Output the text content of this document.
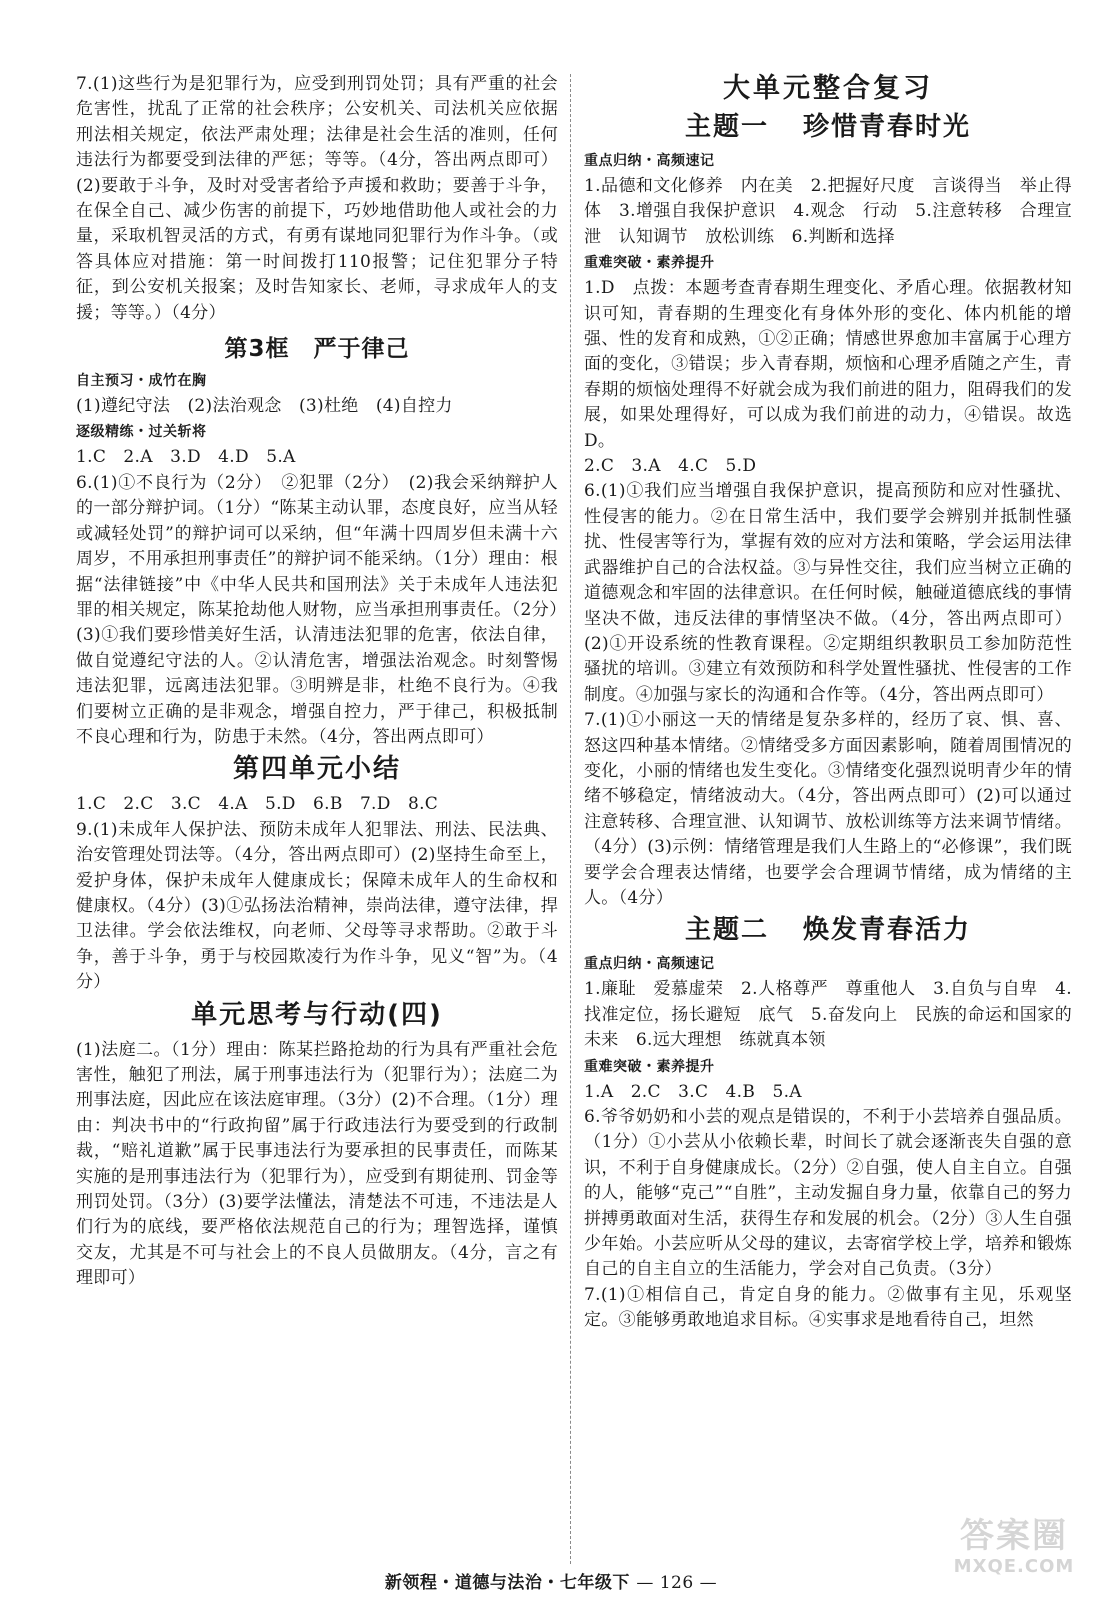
7.(1)这些行为是犯罪行为，应受到刑罚处罚；具有严重的社会危害性，扰乱了正常的社会秩序；公安机关、司法机关应依据刑法相关规定，依法严肃处理；法律是社会生活的准则，任何违法行为都要受到法律的严惩；等等。（4分，答出两点即可）(2)要敢于斗争，及时对受害者给予声援和救助；要善于斗争，在保全自己、减少伤害的前提下，巧妙地借助他人或社会的力量，采取机智灵活的方式，有勇有谋地同犯罪行为作斗争。（或答具体应对措施：第一时间拨打110报警；记住犯罪分子特征，到公安机关报案；及时告知家长、老师，寻求成年人的支援；等等。）（4分）

第3框　严于律己
自主预习・成竹在胸

(1)遵纪守法　(2)法治观念　(3)杜绝　(4)自控力

逐级精练・过关斩将

1.C　2.A　3.D　4.D　5.A

6.(1)①不良行为（2分）　②犯罪（2分）　(2)我会采纳辩护人的一部分辩护词。（1分）“陈某主动认罪，态度良好，应当从轻或减轻处罚”的辩护词可以采纳，但“年满十四周岁但未满十六周岁，不用承担刑事责任”的辩护词不能采纳。（1分）理由：根据“法律链接”中《中华人民共和国刑法》关于未成年人违法犯罪的相关规定，陈某抢劫他人财物，应当承担刑事责任。（2分）(3)①我们要珍惜美好生活，认清违法犯罪的危害，依法自律，做自觉遵纪守法的人。②认清危害，增强法治观念。时刻警惕违法犯罪，远离违法犯罪。③明辨是非，杜绝不良行为。④我们要树立正确的是非观念，增强自控力，严于律己，积极抵制不良心理和行为，防患于未然。（4分，答出两点即可）

第四单元小结

1.C　2.C　3.C　4.A　5.D　6.B　7.D　8.C

9.(1)未成年人保护法、预防未成年人犯罪法、刑法、民法典、治安管理处罚法等。（4分，答出两点即可）(2)坚持生命至上，爱护身体，保护未成年人健康成长；保障未成年人的生命权和健康权。（4分）(3)①弘扬法治精神，崇尚法律，遵守法律，捍卫法律。学会依法维权，向老师、父母等寻求帮助。②敢于斗争，善于斗争，勇于与校园欺凌行为作斗争，见义“智”为。（4分）

单元思考与行动(四)

(1)法庭二。（1分）理由：陈某拦路抢劫的行为具有严重社会危害性，触犯了刑法，属于刑事违法行为（犯罪行为）；法庭二为刑事法庭，因此应在该法庭审理。（3分）(2)不合理。（1分）理由：判决书中的“行政拘留”属于行政违法行为要受到的行政制裁，“赔礼道歉”属于民事违法行为要承担的民事责任，而陈某实施的是刑事违法行为（犯罪行为），应受到有期徒刑、罚金等刑罚处罚。（3分）(3)要学法懂法，清楚法不可违，不违法是人们行为的底线，要严格依法规范自己的行为；理智选择，谨慎交友，尤其是不可与社会上的不良人员做朋友。（4分，言之有理即可）

大单元整合复习
主题一 珍惜青春时光
重点归纳・高频速记

1.品德和文化修养　内在美　2.把握好尺度　言谈得当　举止得体　3.增强自我保护意识　4.观念　行动　5.注意转移　合理宣泄　认知调节　放松训练　6.判断和选择

重难突破・素养提升

1.D　点拨：本题考查青春期生理变化、矛盾心理。依据教材知识可知，青春期的生理变化有身体外形的变化、体内机能的增强、性的发育和成熟，①②正确；情感世界愈加丰富属于心理方面的变化，③错误；步入青春期，烦恼和心理矛盾随之产生，青春期的烦恼处理得不好就会成为我们前进的阻力，阻碍我们的发展，如果处理得好，可以成为我们前进的动力，④错误。故选D。

2.C　3.A　4.C　5.D

6.(1)①我们应当增强自我保护意识，提高预防和应对性骚扰、性侵害的能力。②在日常生活中，我们要学会辨别并抵制性骚扰、性侵害等行为，掌握有效的应对方法和策略，学会运用法律武器维护自己的合法权益。③与异性交往，我们应当树立正确的道德观念和牢固的法律意识。在任何时候，触碰道德底线的事情坚决不做，违反法律的事情坚决不做。（4分，答出两点即可）(2)①开设系统的性教育课程。②定期组织教职员工参加防范性骚扰的培训。③建立有效预防和科学处置性骚扰、性侵害的工作制度。④加强与家长的沟通和合作等。（4分，答出两点即可）

7.(1)①小丽这一天的情绪是复杂多样的，经历了哀、惧、喜、怒这四种基本情绪。②情绪受多方面因素影响，随着周围情况的变化，小丽的情绪也发生变化。③情绪变化强烈说明青少年的情绪不够稳定，情绪波动大。（4分，答出两点即可）(2)可以通过注意转移、合理宣泄、认知调节、放松训练等方法来调节情绪。（4分）(3)示例：情绪管理是我们人生路上的“必修课”，我们既要学会合理表达情绪，也要学会合理调节情绪，成为情绪的主人。（4分）

主题二 焕发青春活力
重点归纳・高频速记

1.廉耻　爱慕虚荣　2.人格尊严　尊重他人　3.自负与自卑　4.找准定位，扬长避短　底气　5.奋发向上　民族的命运和国家的未来　6.远大理想　练就真本领

重难突破・素养提升

1.A　2.C　3.C　4.B　5.A

6.爷爷奶奶和小芸的观点是错误的，不利于小芸培养自强品质。（1分）①小芸从小依赖长辈，时间长了就会逐渐丧失自强的意识，不利于自身健康成长。（2分）②自强，使人自主自立。自强的人，能够“克己”“自胜”，主动发掘自身力量，依靠自己的努力拼搏勇敢面对生活，获得生存和发展的机会。（2分）③人生自强少年始。小芸应听从父母的建议，去寄宿学校上学，培养和锻炼自己的自主自立的生活能力，学会对自己负责。（3分）

7.(1)①相信自己，肯定自身的能力。②做事有主见，乐观坚定。③能够勇敢地追求目标。④实事求是地看待自己，坦然

新领程・道德与法治・七年级下 — 126 —
答案圈
MXQE.COM
